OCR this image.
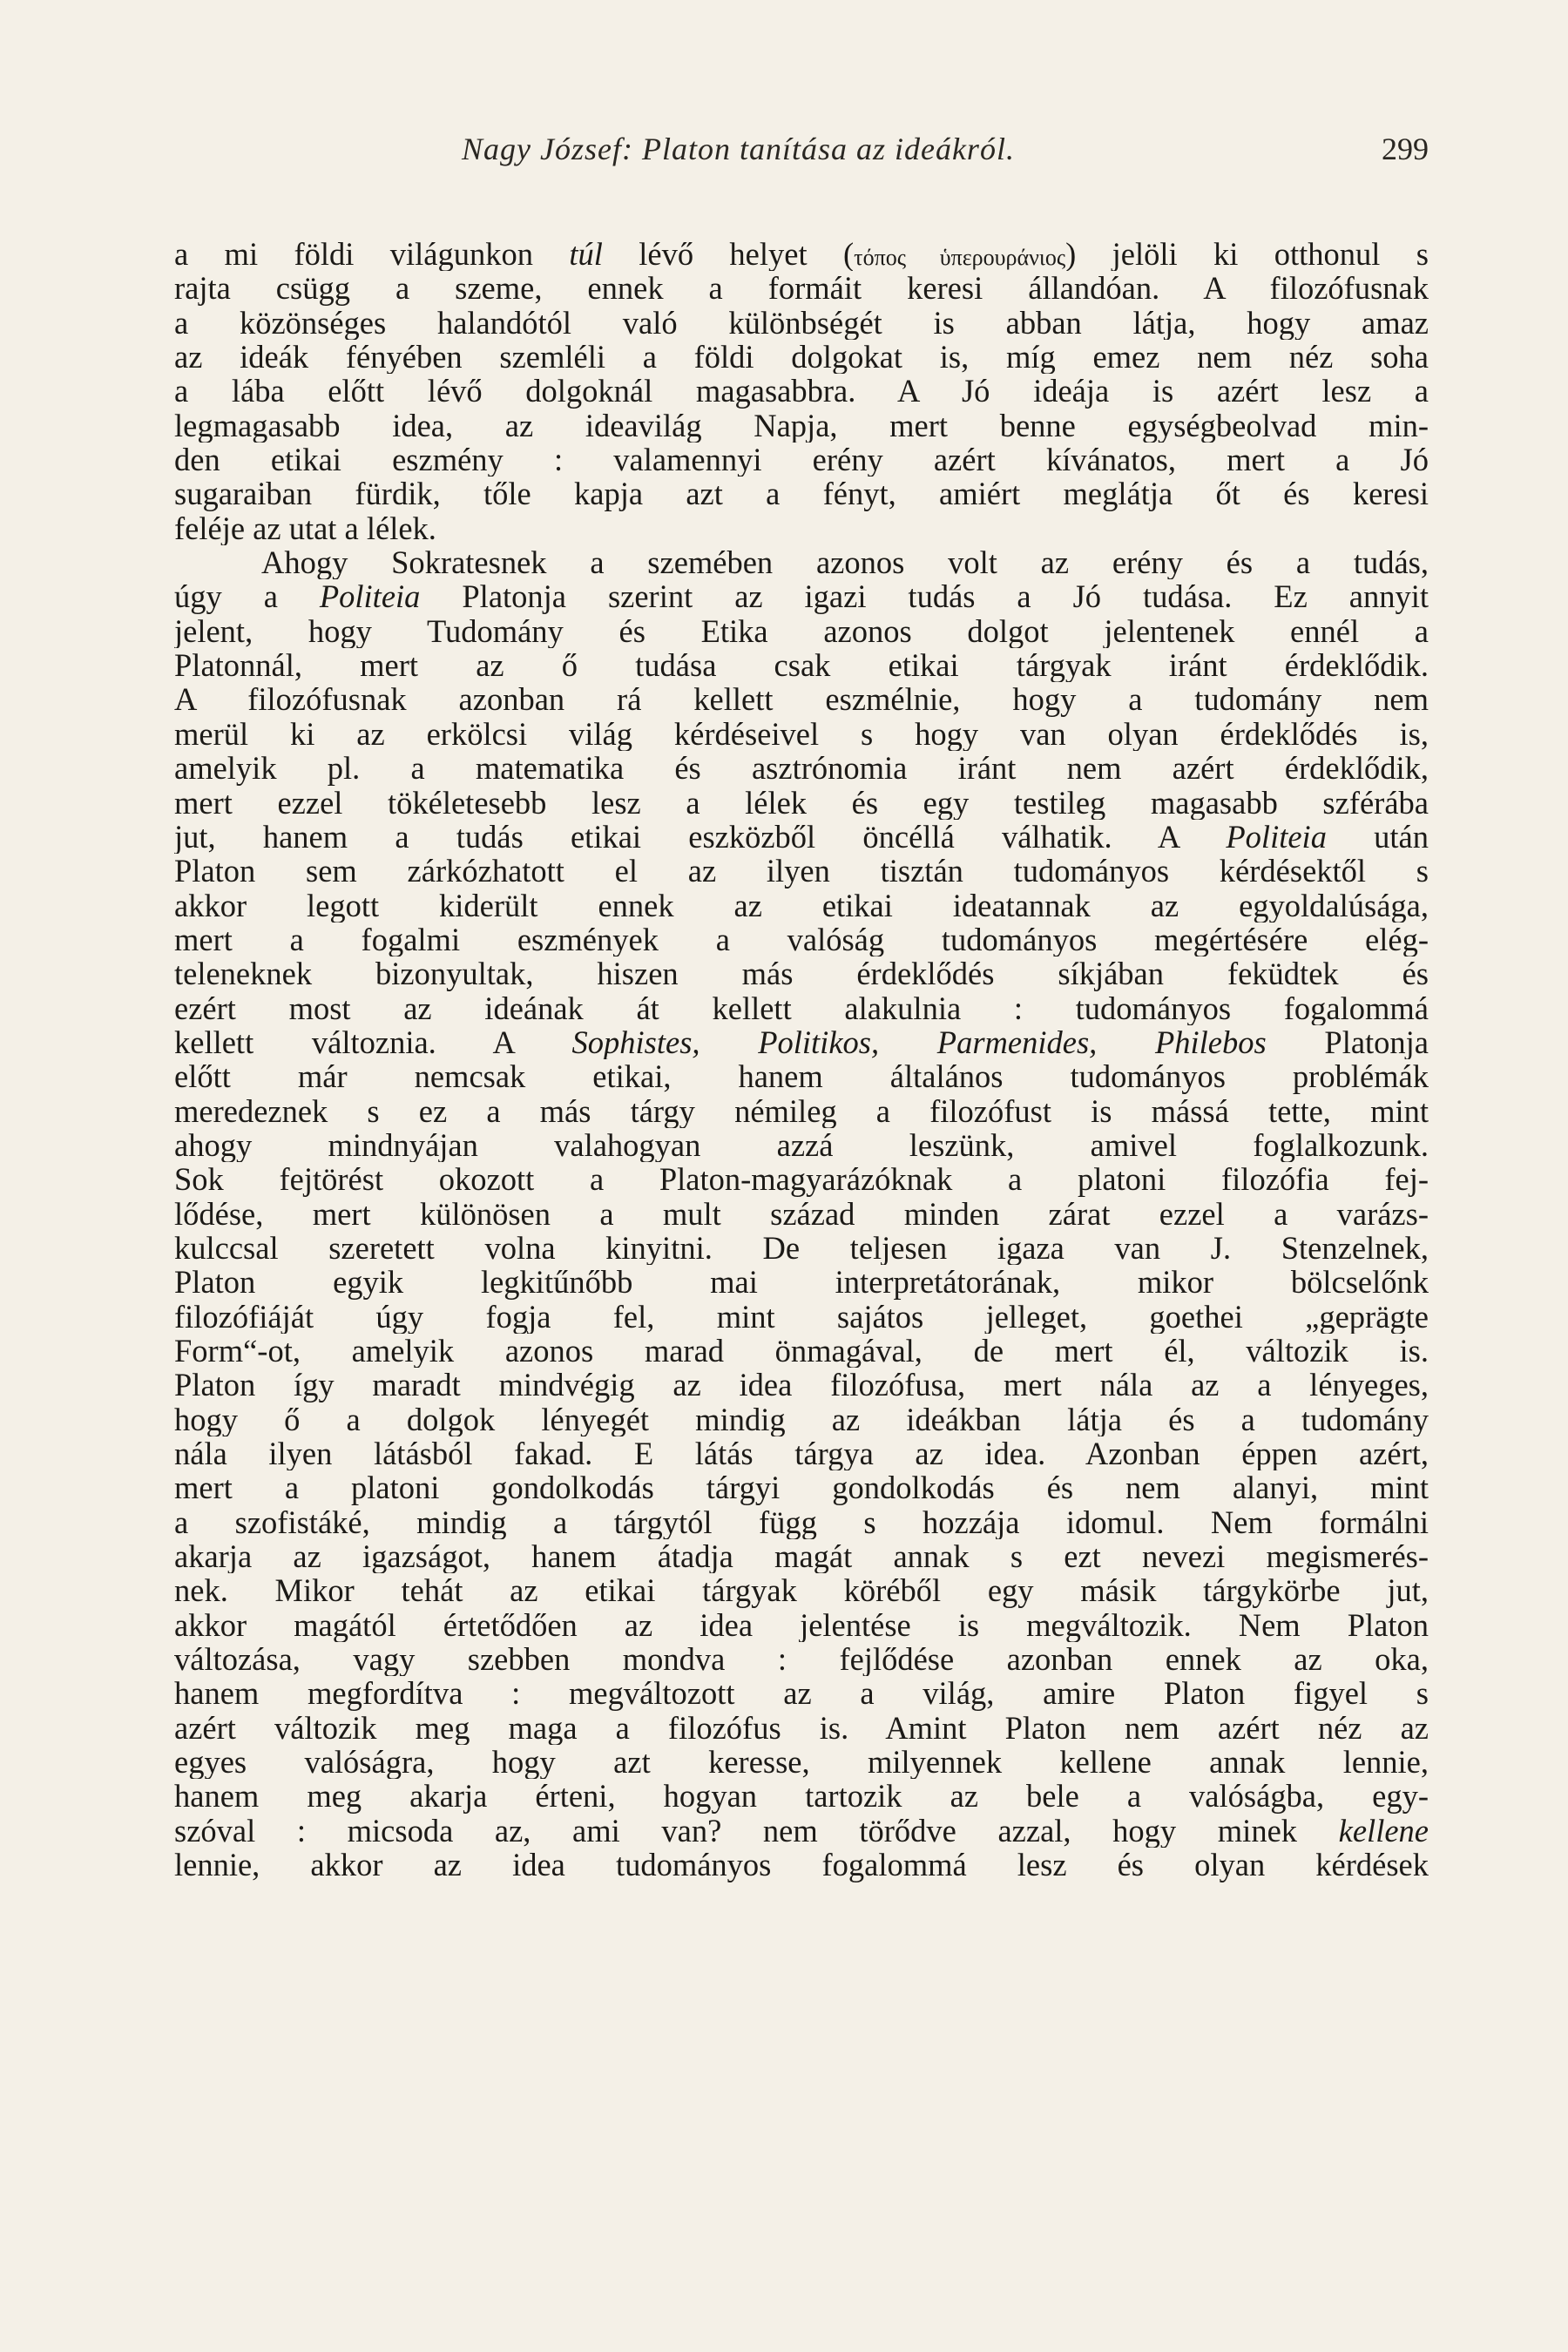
Nagy József: Platon tanítása az ideákról.	299
a mi földi világunkon túl lévő helyet (τόπος ὑπερουράνιος) jelöli ki otthonul s
rajta csügg a szeme, ennek a formáit keresi állandóan. A filozófusnak
a közönséges halandótól való különbségét is abban látja, hogy amaz
az ideák fényében szemléli a földi dolgokat is, míg emez nem néz soha
a lába előtt lévő dolgoknál magasabbra. A Jó ideája is azért lesz a
legmagasabb idea, az ideavilág Napja, mert benne egységbeolvad min-
den etikai eszmény : valamennyi erény azért kívánatos, mert a Jó
sugaraiban fürdik, tőle kapja azt a fényt, amiért meglátja őt és keresi
feléje az utat a lélek.
Ahogy Sokratesnek a szemében azonos volt az erény és a tudás,
úgy a Politeia Platonja szerint az igazi tudás a Jó tudása. Ez annyit
jelent, hogy Tudomány és Etika azonos dolgot jelentenek ennél a
Platonnál, mert az ő tudása csak etikai tárgyak iránt érdeklődik.
A filozófusnak azonban rá kellett eszmélnie, hogy a tudomány nem
merül ki az erkölcsi világ kérdéseivel s hogy van olyan érdeklődés is,
amelyik pl. a matematika és asztrónomia iránt nem azért érdeklődik,
mert ezzel tökéletesebb lesz a lélek és egy testileg magasabb szférába
jut, hanem a tudás etikai eszközből öncéllá válhatik. A Politeia után
Platon sem zárkózhatott el az ilyen tisztán tudományos kérdésektől s
akkor legott kiderült ennek az etikai ideatannak az egyoldalúsága,
mert a fogalmi eszmények a valóság tudományos megértésére elég-
teleneknek bizonyultak, hiszen más érdeklődés síkjában feküdtek és
ezért most az ideának át kellett alakulnia : tudományos fogalommá
kellett változnia. A Sophistes, Politikos, Parmenides, Philebos Platonja
előtt már nemcsak etikai, hanem általános tudományos problémák
meredeznek s ez a más tárgy némileg a filozófust is mássá tette, mint
ahogy mindnyájan valahogyan azzá leszünk, amivel foglalkozunk.
Sok fejtörést okozott a Platon-magyarázóknak a platoni filozófia fej-
lődése, mert különösen a mult század minden zárat ezzel a varázs-
kulccsal szeretett volna kinyitni. De teljesen igaza van J. Stenzelnek,
Platon egyik legkitűnőbb mai interpretátorának, mikor bölcselőnk
filozófiáját úgy fogja fel, mint sajátos jelleget, goethei „geprägte
Form“-ot, amelyik azonos marad önmagával, de mert él, változik is.
Platon így maradt mindvégig az idea filozófusa, mert nála az a lényeges,
hogy ő a dolgok lényegét mindig az ideákban látja és a tudomány
nála ilyen látásból fakad. E látás tárgya az idea. Azonban éppen azért,
mert a platoni gondolkodás tárgyi gondolkodás és nem alanyi, mint
a szofistáké, mindig a tárgytól függ s hozzája idomul. Nem formálni
akarja az igazságot, hanem átadja magát annak s ezt nevezi megismerés-
nek. Mikor tehát az etikai tárgyak köréből egy másik tárgykörbe jut,
akkor magától értetődően az idea jelentése is megváltozik. Nem Platon
változása, vagy szebben mondva : fejlődése azonban ennek az oka,
hanem megfordítva : megváltozott az a világ, amire Platon figyel s
azért változik meg maga a filozófus is. Amint Platon nem azért néz az
egyes valóságra, hogy azt keresse, milyennek kellene annak lennie,
hanem meg akarja érteni, hogyan tartozik az bele a valóságba, egy-
szóval : micsoda az, ami van? nem törődve azzal, hogy minek kellene
lennie, akkor az idea tudományos fogalommá lesz és olyan kérdések
